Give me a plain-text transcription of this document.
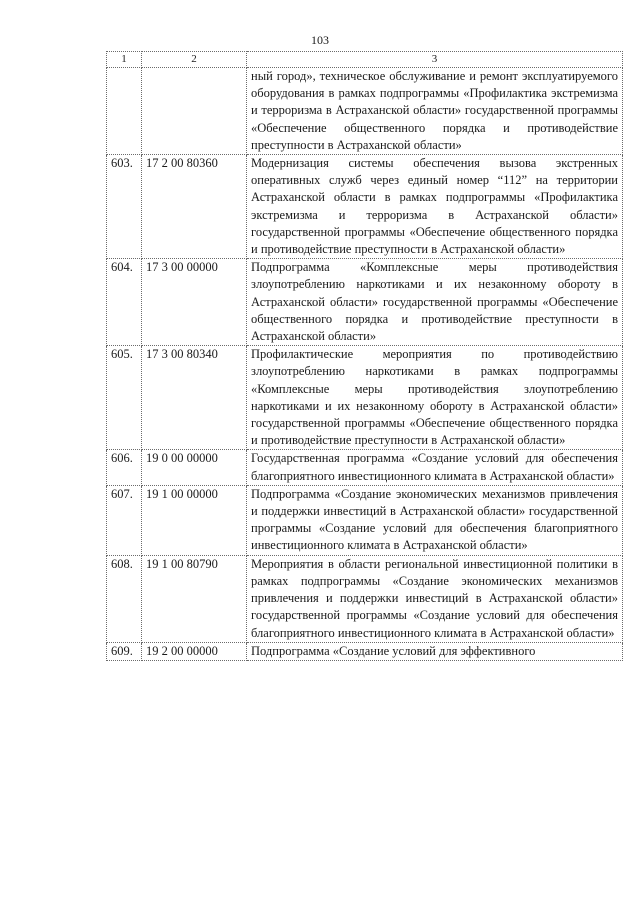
103
1	2	3
		ный город», техническое обслуживание и ремонт эксплуатируемого оборудования в рамках подпрограммы «Профилактика экстремизма и терроризма в Астраханской области» государственной программы «Обеспечение общественного порядка и противодействие преступности в Астраханской области»
603.	17 2 00 80360	Модернизация системы обеспечения вызова экстренных оперативных служб через единый номер “112” на территории Астраханской области в рамках подпрограммы «Профилактика экстремизма и терроризма в Астраханской области» государственной программы «Обеспечение общественного порядка и противодействие преступности в Астраханской области»
604.	17 3 00 00000	Подпрограмма «Комплексные меры противодействия злоупотреблению наркотиками и их незаконному обороту в Астраханской области» государственной программы «Обеспечение общественного порядка и противодействие преступности в Астраханской области»
605.	17 3 00 80340	Профилактические мероприятия по противодействию злоупотреблению наркотиками в рамках подпрограммы «Комплексные меры противодействия злоупотреблению наркотиками и их незаконному обороту в Астраханской области» государственной программы «Обеспечение общественного порядка и противодействие преступности в Астраханской области»
606.	19 0 00 00000	Государственная программа «Создание условий для обеспечения благоприятного инвестиционного климата в Астраханской области»
607.	19 1 00 00000	Подпрограмма «Создание экономических механизмов привлечения и поддержки инвестиций в Астраханской области» государственной программы «Создание условий для обеспечения благоприятного инвестиционного климата в Астраханской области»
608.	19 1 00 80790	Мероприятия в области региональной инвестиционной политики в рамках подпрограммы «Создание экономических механизмов привлечения и поддержки инвестиций в Астраханской области» государственной программы «Создание условий для обеспечения благоприятного инвестиционного климата в Астраханской области»
609.	19 2 00 00000	Подпрограмма «Создание условий для эффективного
